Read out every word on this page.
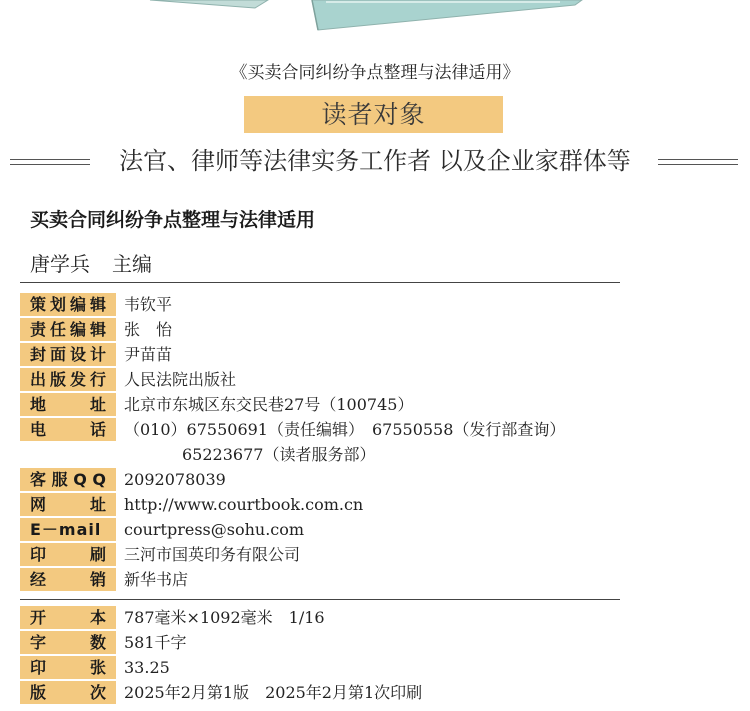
《买卖合同纠纷争点整理与法律适用》
读者对象
法官、律师等法律实务工作者 以及企业家群体等
买卖合同纠纷争点整理与法律适用
唐学兵 主编
策 划 编 辑 韦钦平
责 任 编 辑 张　怡
封 面 设 计 尹苗苗
出 版 发 行 人民法院出版社
地	址 北京市东城区东交民巷27号（100745）
电	话 （010）67550691（责任编辑）　67550558（发行部查询）
65223677（读者服务部）
客 服 Q Q 2092078039
网	址 http://www.courtbook.com.cn
E－mail	courtpress@sohu.com
印	刷 三河市国英印务有限公司
经	销 新华书店
开	本 787毫米×1092毫米　1/16
字	数 581千字
印	张 33.25
版	次 2025年2月第1版　2025年2月第1次印刷
